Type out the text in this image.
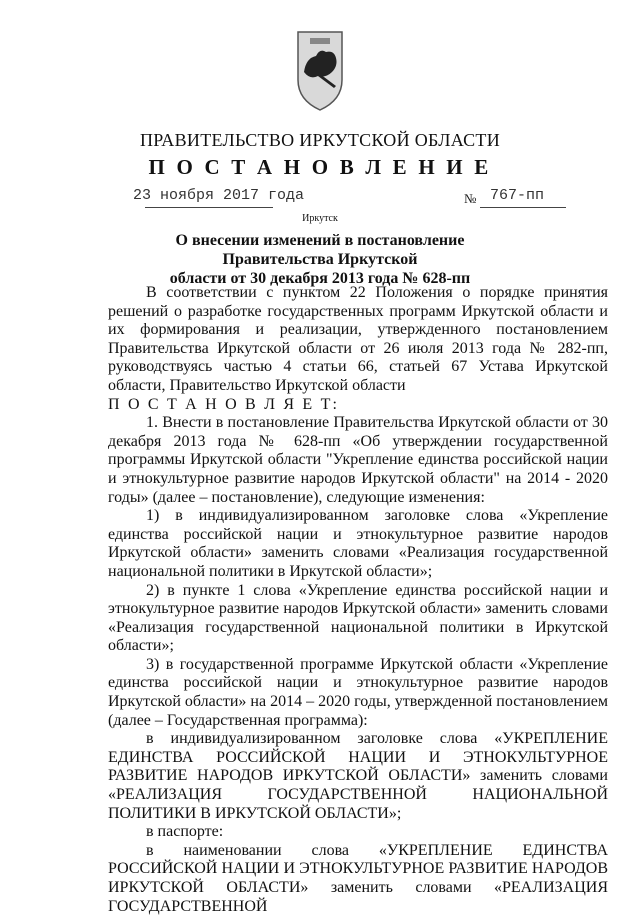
ПРАВИТЕЛЬСТВО ИРКУТСКОЙ ОБЛАСТИ
П О С Т А Н О В Л Е Н И Е
23 ноября 2017 года	№ 767-пп
Иркутск
О внесении изменений в постановление Правительства Иркутской
области от 30 декабря 2013 года № 628-пп

В соответствии с пунктом 22 Положения о порядке принятия решений о разработке государственных программ Иркутской области и их формирования и реализации, утвержденного постановлением Правительства Иркутской области от 26 июля 2013 года № 282-пп, руководствуясь частью 4 статьи 66, статьей 67 Устава Иркутской области, Правительство Иркутской области

П О С Т А Н О В Л Я Е Т:

1. Внести в постановление Правительства Иркутской области от 30 декабря 2013 года № 628-пп «Об утверждении государственной программы Иркутской области "Укрепление единства российской нации и этнокультурное развитие народов Иркутской области" на 2014 - 2020 годы» (далее – постановление), следующие изменения:

1) в индивидуализированном заголовке слова «Укрепление единства российской нации и этнокультурное развитие народов Иркутской области» заменить словами «Реализация государственной национальной политики в Иркутской области»;

2) в пункте 1 слова «Укрепление единства российской нации и этнокультурное развитие народов Иркутской области» заменить словами «Реализация государственной национальной политики в Иркутской области»;

3) в государственной программе Иркутской области «Укрепление единства российской нации и этнокультурное развитие народов Иркутской области» на 2014 – 2020 годы, утвержденной постановлением (далее – Государственная программа):

в индивидуализированном заголовке слова «УКРЕПЛЕНИЕ ЕДИНСТВА РОССИЙСКОЙ НАЦИИ И ЭТНОКУЛЬТУРНОЕ РАЗВИТИЕ НАРОДОВ ИРКУТСКОЙ ОБЛАСТИ» заменить словами «РЕАЛИЗАЦИЯ ГОСУДАРСТВЕННОЙ НАЦИОНАЛЬНОЙ ПОЛИТИКИ В ИРКУТСКОЙ ОБЛАСТИ»;

в паспорте:

в наименовании слова «УКРЕПЛЕНИЕ ЕДИНСТВА РОССИЙСКОЙ НАЦИИ И ЭТНОКУЛЬТУРНОЕ РАЗВИТИЕ НАРОДОВ ИРКУТСКОЙ ОБЛАСТИ» заменить словами «РЕАЛИЗАЦИЯ ГОСУДАРСТВЕННОЙ
